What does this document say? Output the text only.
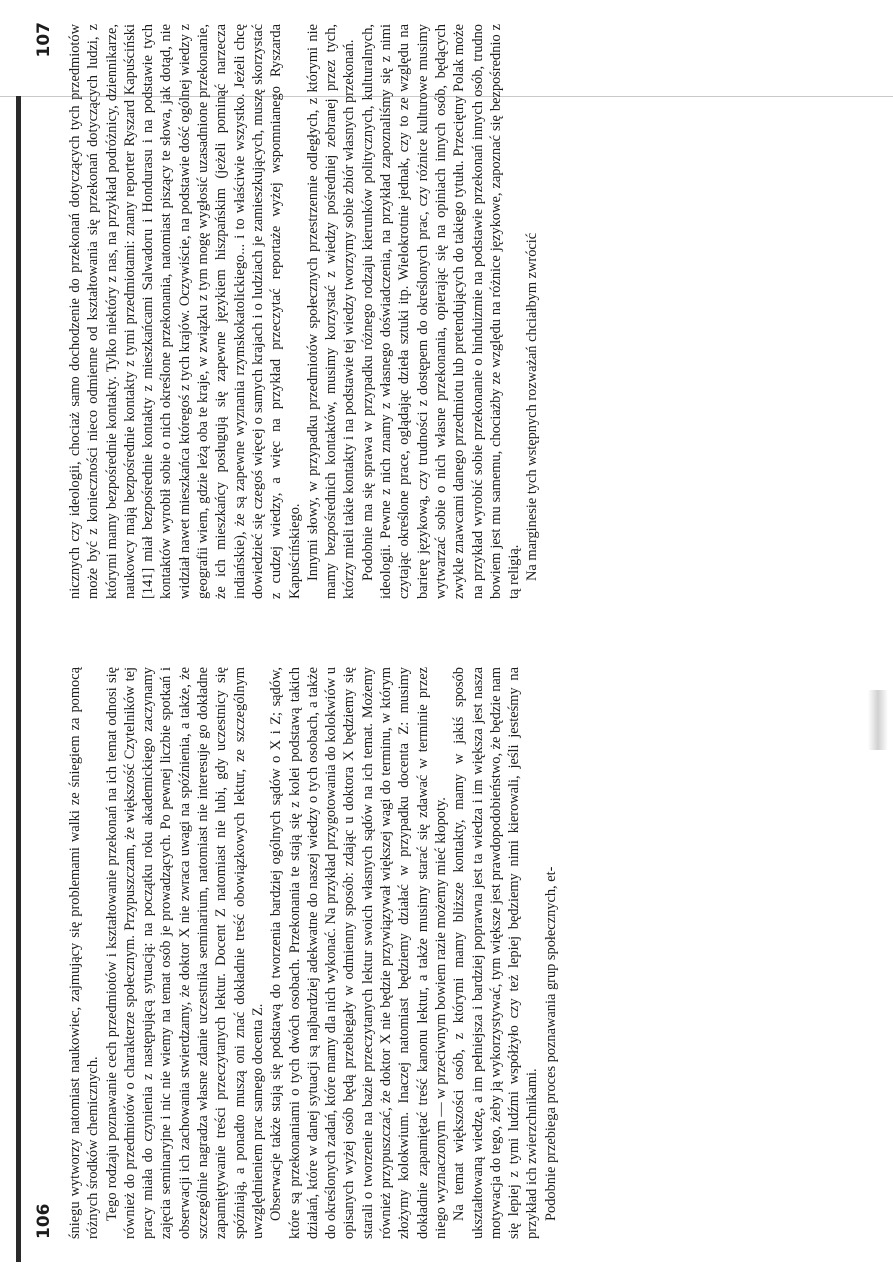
106 śniegu wytworzy natomiast naukowiec, zajmujący się problemami walki ze śniegiem za pomocą różnych środków chemicznych. Tego rodzaju poznawanie cech przedmiotów i kształtowanie przekonań na ich temat odnosi się również do przedmiotów o charakterze społecznym. Przypuszczam, że większość Czytelników tej pracy miała do czynienia z następującą sytuacją: na początku roku akademickiego zaczynamy zajęcia seminaryjne i nic nie wiemy na temat osób je prowadzących. Po pewnej liczbie spotkań i obserwacji ich zachowania stwierdzamy, że doktor X nie zwraca uwagi na spóźnienia, a także, że szczególnie nagradza własne zdanie uczestnika seminarium, natomiast nie interesuje go dokładne zapamiętywanie treści przeczytanych lektur. Docent Z natomiast nie lubi, gdy uczestnicy się spóźniają, a ponadto muszą oni znać dokładnie treść obowiązkowych lektur, ze szczególnym uwzględnieniem prac samego docenta Z. Obserwacje także stają się podstawą do tworzenia bardziej ogólnych sądów o X i Z; sądów, które są przekonaniami o tych dwóch osobach. Przekonania te stają się z kolei podstawą takich działań, które w danej sytuacji są najbardziej adekwatne do naszej wiedzy o tych osobach, a także do określonych zadań, które mamy dla nich wykonać. Na przykład przygotowania do kolokwiów u opisanych wyżej osób będą przebiegały w odmienny sposób: zdając u doktora X będziemy się starali o tworzenie na bazie przeczytanych lektur swoich własnych sądów na ich temat. Możemy również przypuszczać, że doktor X nie będzie przywiązywał większej wagi do terminu, w którym złożymy kolokwium. Inaczej natomiast będziemy działać w przypadku docenta Z: musimy dokładnie zapamiętać treść kanonu lektur, a także musimy starać się zdawać w terminie przez niego wyznaczonym — w przeciwnym bowiem razie możemy mieć kłopoty. Na temat większości osób, z którymi mamy bliższe kontakty, mamy w jakiś sposób ukształtowaną wiedzę, a im pełniejsza i bardziej poprawna jest ta wiedza i im większa jest nasza motywacja do tego, żeby ją wykorzystywać, tym większe jest prawdopodobieństwo, że będzie nam się lepiej z tymi ludźmi współżyło czy też lepiej będziemy nimi kierowali, jeśli jesteśmy na przykład ich zwierzchnikami. Podobnie przebiega proces poznawania grup społecznych, et-

107 nicznych czy ideologii, chociaż samo dochodzenie do przekonań dotyczących tych przedmiotów może być z konieczności nieco odmienne od kształtowania się przekonań dotyczących ludzi, z którymi mamy bezpośrednie kontakty. Tylko niektóry z nas, na przykład podróżnicy, dziennikarze, naukowcy mają bezpośrednie kontakty z tymi przedmiotami: znany reporter Ryszard Kapuściński [141] miał bezpośrednie kontakty z mieszkańcami Salwadoru i Hondurasu i na podstawie tych kontaktów wyrobił sobie o nich określone przekonania, natomiast piszący te słowa, jak dotąd, nie widział nawet mieszkańca któregoś z tych krajów. Oczywiście, na podstawie dość ogólnej wiedzy z geografii wiem, gdzie leżą oba te kraje, w związku z tym mogę wygłosić uzasadnione przekonanie, że ich mieszkańcy posługują się zapewne językiem hiszpańskim (jeżeli pominąć narzecza indiańskie), że są zapewne wyznania rzymskokatolickiego... i to właściwie wszystko. Jeżeli chcę dowiedzieć się czegoś więcej o samych krajach i o ludziach je zamieszkujących, muszę skorzystać z cudzej wiedzy, a więc na przykład przeczytać reportaże wyżej wspomnianego Ryszarda Kapuścińskiego. Innymi słowy, w przypadku przedmiotów społecznych przestrzennie odległych, z którymi nie mamy bezpośrednich kontaktów, musimy korzystać z wiedzy pośredniej zebranej przez tych, którzy mieli takie kontakty i na podstawie tej wiedzy tworzymy sobie zbiór własnych przekonań. Podobnie ma się sprawa w przypadku różnego rodzaju kierunków politycznych, kulturalnych, ideologii. Pewne z nich znamy z własnego doświadczenia, na przykład zapoznaliśmy się z nimi czytając określone prace, oglądając dzieła sztuki itp. Wielokrotnie jednak, czy to ze względu na barierę językową, czy trudności z dostępem do określonych prac, czy różnice kulturowe musimy wytwarzać sobie o nich własne przekonania, opierając się na opiniach innych osób, będących zwykle znawcami danego przedmiotu lub pretendujących do takiego tytułu. Przeciętny Polak może na przykład wyrobić sobie przekonanie o hinduizmie na podstawie przekonań innych osób, trudno bowiem jest mu samemu, chociażby ze względu na różnice językowe, zapoznać się bezpośrednio z tą religią. Na marginesie tych wstępnych rozważań chciałbym zwrócić
